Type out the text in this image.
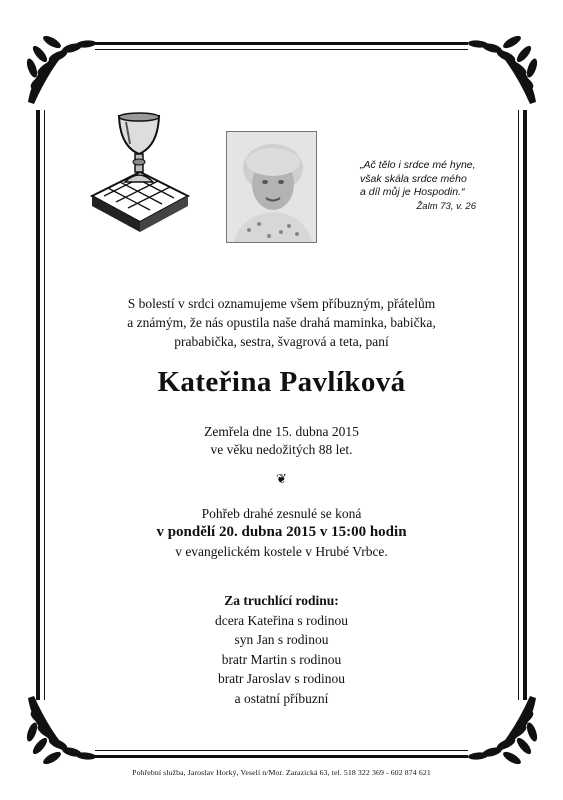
„Ač tělo i srdce mé hyne,
však skála srdce mého
a díl můj je Hospodin.“
Žalm 73, v. 26
S bolestí v srdci oznamujeme všem příbuzným, přátelům
a známým, že nás opustila naše drahá maminka, babička,
prababička, sestra, švagrová a teta, paní
Kateřina Pavlíková
Zemřela dne 15. dubna 2015
ve věku nedožitých 88 let.
❦
Pohřeb drahé zesnulé se koná
v pondělí 20. dubna 2015 v 15:00 hodin
v evangelickém kostele v Hrubé Vrbce.
Za truchlící rodinu:
dcera Kateřina s rodinou
syn Jan s rodinou
bratr Martin s rodinou
bratr Jaroslav s rodinou
a ostatní příbuzní
Pohřební služba, Jaroslav Horký, Veselí n/Mor. Zarazická 63, tel. 518 322 369 - 602 874 621
